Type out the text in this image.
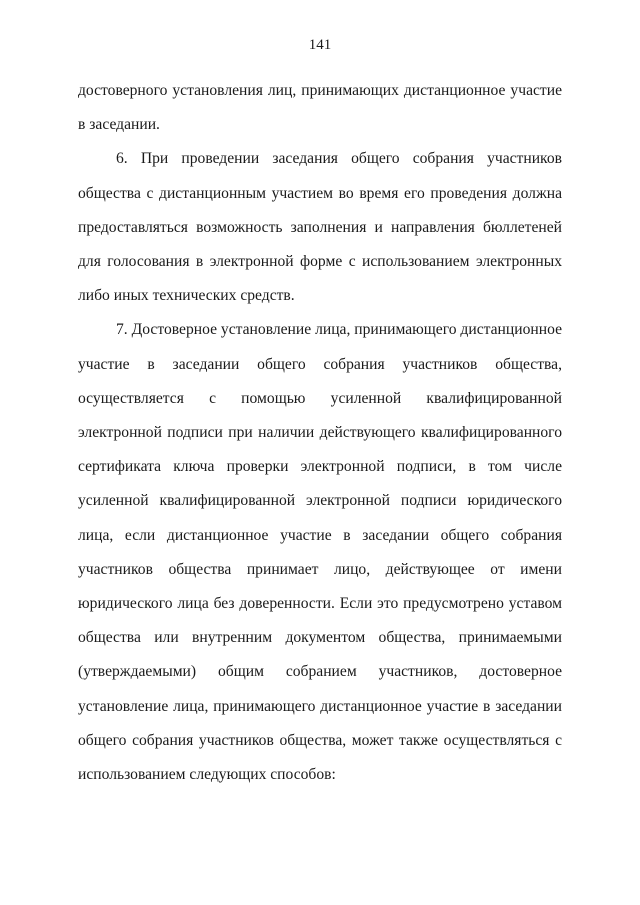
141

достоверного установления лиц, принимающих дистанционное участие в заседании.

6. При проведении заседания общего собрания участников общества с дистанционным участием во время его проведения должна предоставляться возможность заполнения и направления бюллетеней для голосования в электронной форме с использованием электронных либо иных технических средств.

7. Достоверное установление лица, принимающего дистанционное участие в заседании общего собрания участников общества, осуществляется с помощью усиленной квалифицированной электронной подписи при наличии действующего квалифицированного сертификата ключа проверки электронной подписи, в том числе усиленной квалифицированной электронной подписи юридического лица, если дистанционное участие в заседании общего собрания участников общества принимает лицо, действующее от имени юридического лица без доверенности. Если это предусмотрено уставом общества или внутренним документом общества, принимаемыми (утверждаемыми) общим собранием участников, достоверное установление лица, принимающего дистанционное участие в заседании общего собрания участников общества, может также осуществляться с использованием следующих способов:
